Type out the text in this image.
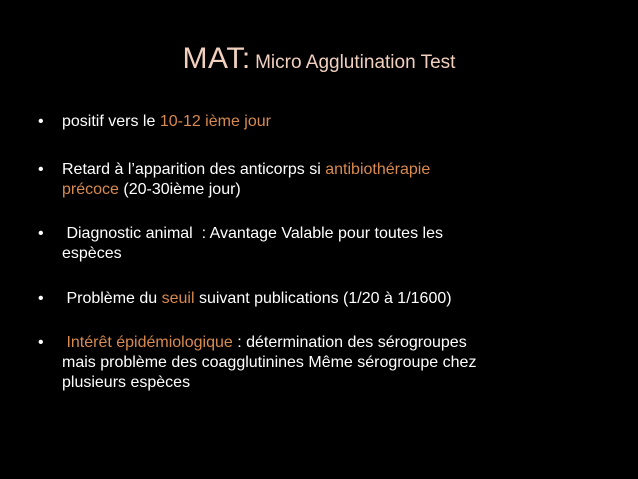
MAT: Micro Agglutination Test
• positif vers le 10-12 ième jour
• Retard à l’apparition des anticorps si antibiothérapie
précoce (20-30ième jour)
• Diagnostic animal  : Avantage Valable pour toutes les
espèces
• Problème du seuil suivant publications (1/20 à 1/1600)
• Intérêt épidémiologique : détermination des sérogroupes
mais problème des coagglutinines Même sérogroupe chez
plusieurs espèces
